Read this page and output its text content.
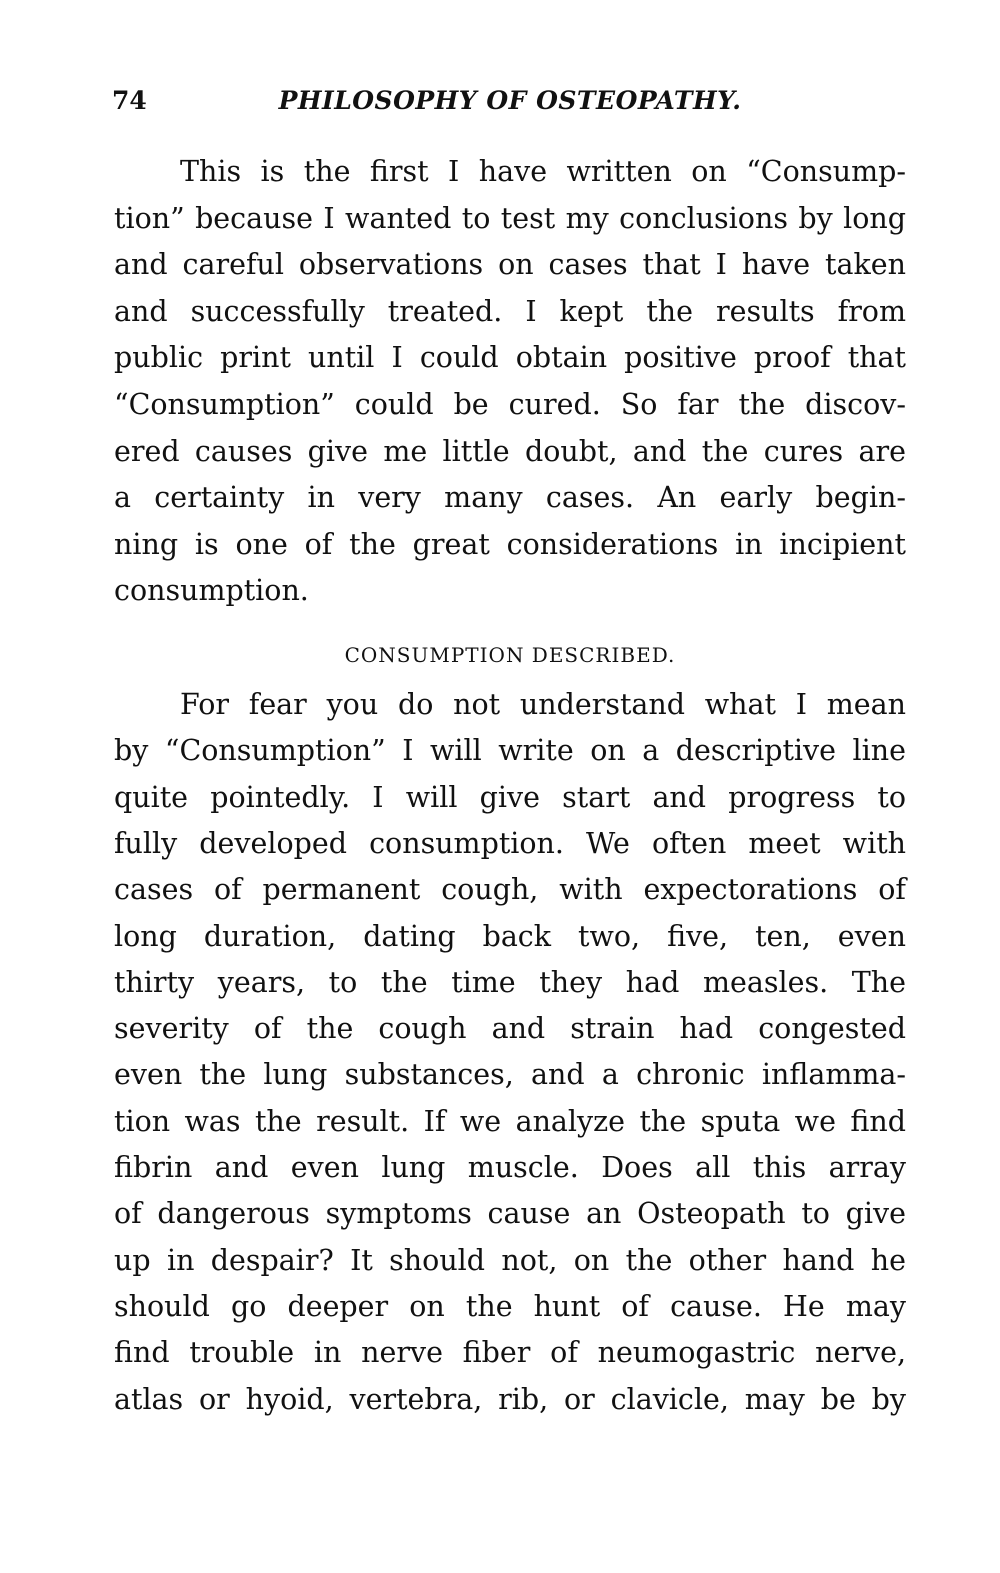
74	PHILOSOPHY OF OSTEOPATHY.
This is the first I have written on “Consump-
tion” because I wanted to test my conclusions by long
and careful observations on cases that I have taken
and successfully treated. I kept the results from
public print until I could obtain positive proof that
“Consumption” could be cured. So far the discov-
ered causes give me little doubt, and the cures are
a certainty in very many cases. An early begin-
ning is one of the great considerations in incipient
consumption.
CONSUMPTION DESCRIBED.
For fear you do not understand what I mean
by “Consumption” I will write on a descriptive line
quite pointedly. I will give start and progress to
fully developed consumption. We often meet with
cases of permanent cough, with expectorations of
long duration, dating back two, five, ten, even
thirty years, to the time they had measles. The
severity of the cough and strain had congested
even the lung substances, and a chronic inflamma-
tion was the result. If we analyze the sputa we find
fibrin and even lung muscle. Does all this array
of dangerous symptoms cause an Osteopath to give
up in despair? It should not, on the other hand he
should go deeper on the hunt of cause. He may
find trouble in nerve fiber of neumogastric nerve,
atlas or hyoid, vertebra, rib, or clavicle, may be by
